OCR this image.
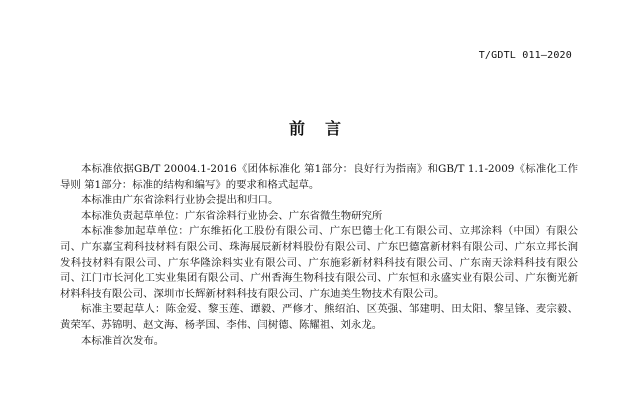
T/GDTL 011—2020
前言

本标准依据GB/T 20004.1-2016《团体标准化 第1部分：良好行为指南》和GB/T 1.1-2009《标准化工作导则 第1部分：标准的结构和编写》的要求和格式起草。

本标准由广东省涂料行业协会提出和归口。

本标准负责起草单位：广东省涂料行业协会、广东省微生物研究所

本标准参加起草单位：广东维拓化工股份有限公司、广东巴德士化工有限公司、立邦涂料（中国）有限公司、广东嘉宝莉科技材料有限公司、珠海展辰新材料股份有限公司、广东巴德富新材料有限公司、广东立邦长润发科技材料有限公司、广东华隆涂料实业有限公司、广东施彩新材料科技有限公司、广东南天涂料科技有限公司、江门市长河化工实业集团有限公司、广州香海生物科技有限公司、广东恒和永盛实业有限公司、广东衡光新材料科技有限公司、深圳市长辉新材料科技有限公司、广东迪美生物技术有限公司。

标准主要起草人：陈金爱、黎玉莲、谭毅、严修才、熊绍泊、区英强、邹建明、田太阳、黎呈锋、麦宗毅、黄荣军、苏锦明、赵文海、杨孝国、李伟、闫树德、陈耀祖、刘永龙。

本标准首次发布。
